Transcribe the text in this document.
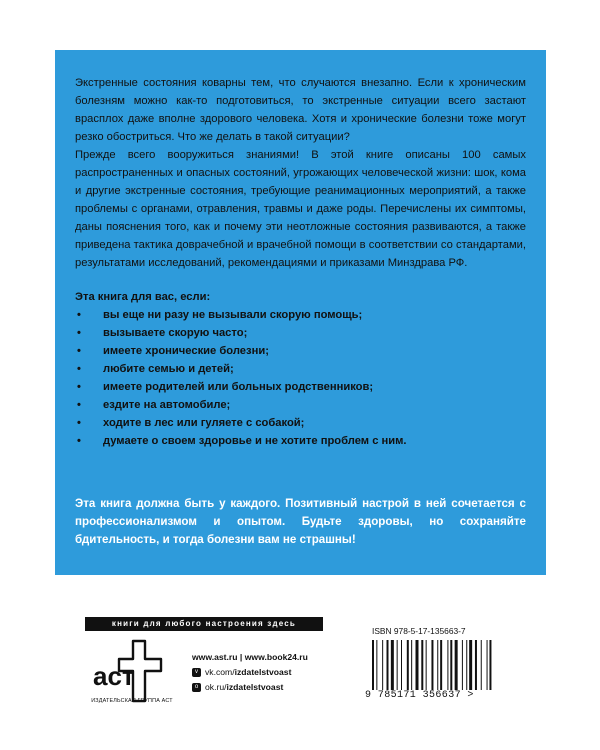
Экстренные состояния коварны тем, что случаются внезапно. Если к хроническим болезням можно как-то подготовиться, то экстренные ситуации всего застают врасплох даже вполне здорового человека. Хотя и хронические болезни тоже могут резко обостриться. Что же делать в такой ситуации?

Прежде всего вооружиться знаниями! В этой книге описаны 100 самых распространенных и опасных состояний, угрожающих человеческой жизни: шок, кома и другие экстренные состояния, требующие реанимационных мероприятий, а также проблемы с органами, отравления, травмы и даже роды. Перечислены их симптомы, даны пояснения того, как и почему эти неотложные состояния развиваются, а также приведена тактика доврачебной и врачебной помощи в соответствии со стандартами, результатами исследований, рекомендациями и приказами Минздрава РФ.

Эта книга для вас, если:
• вы еще ни разу не вызывали скорую помощь;
• вызываете скорую часто;
• имеете хронические болезни;
• любите семью и детей;
• имеете родителей или больных родственников;
• ездите на автомобиле;
• ходите в лес или гуляете с собакой;
• думаете о своем здоровье и не хотите проблем с ним.
Эта книга должна быть у каждого. Позитивный настрой в ней сочетается с профессионализмом и опытом. Будьте здоровы, но сохраняйте бдительность, и тогда болезни вам не страшны!
книги для любого настроения здесь
аст
ИЗДАТЕЛЬСКАЯ ГРУППА АСТ
www.ast.ru | www.book24.ru
v vk.com/ izdatelstvoast
o ok.ru/ izdatelstvoast
ISBN 978-5-17-135663-7
9 785171 356637 >
